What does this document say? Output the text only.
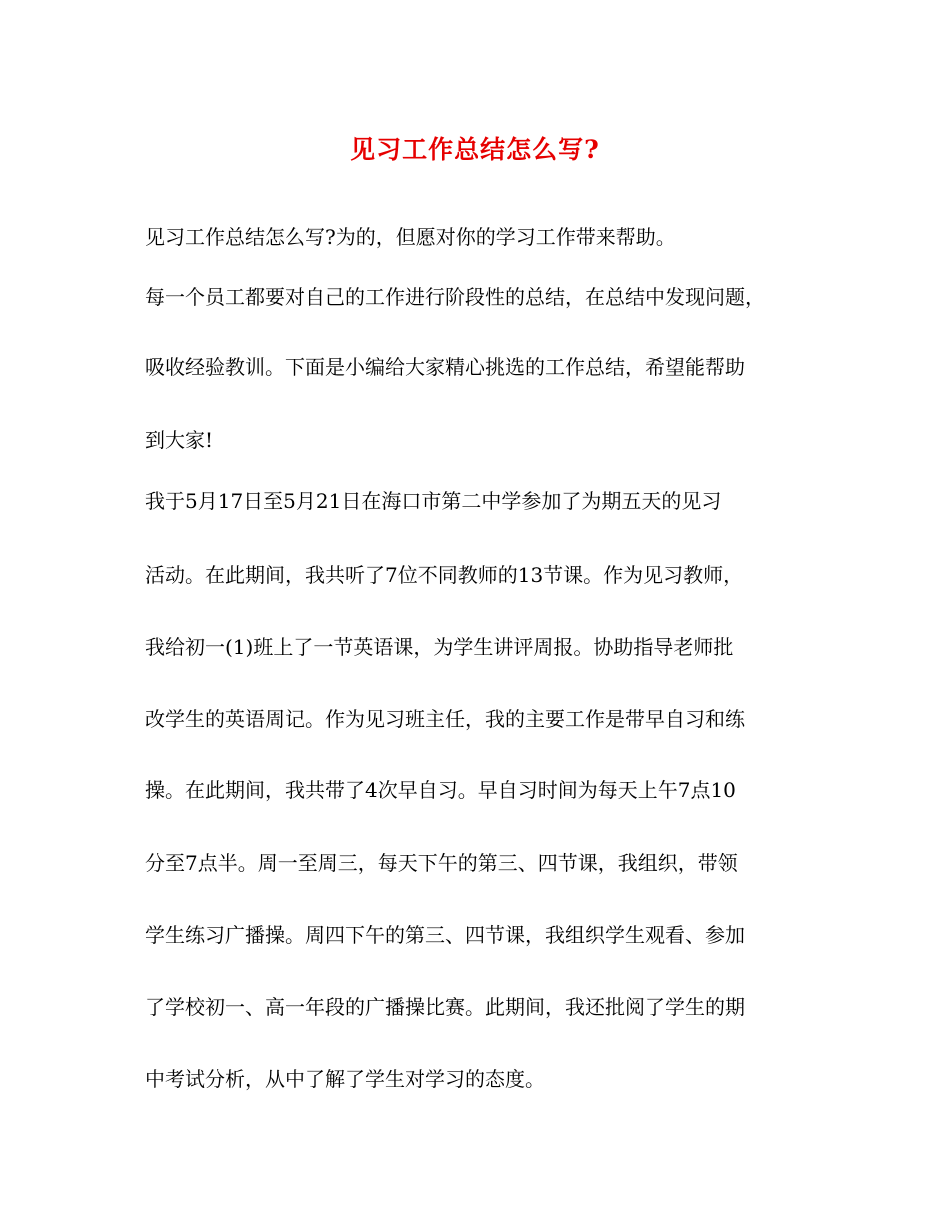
见习工作总结怎么写?
见习工作总结怎么写?为的，但愿对你的学习工作带来帮助。
每一个员工都要对自己的工作进行阶段性的总结，在总结中发现问题，
吸收经验教训。下面是小编给大家精心挑选的工作总结，希望能帮助
到大家!
我于5月17日至5月21日在海口市第二中学参加了为期五天的见习
活动。在此期间，我共听了7位不同教师的13节课。作为见习教师，
我给初一(1)班上了一节英语课，为学生讲评周报。协助指导老师批
改学生的英语周记。作为见习班主任，我的主要工作是带早自习和练
操。在此期间，我共带了4次早自习。早自习时间为每天上午7点10
分至7点半。周一至周三，每天下午的第三、四节课，我组织，带领
学生练习广播操。周四下午的第三、四节课，我组织学生观看、参加
了学校初一、高一年段的广播操比赛。此期间，我还批阅了学生的期
中考试分析，从中了解了学生对学习的态度。
